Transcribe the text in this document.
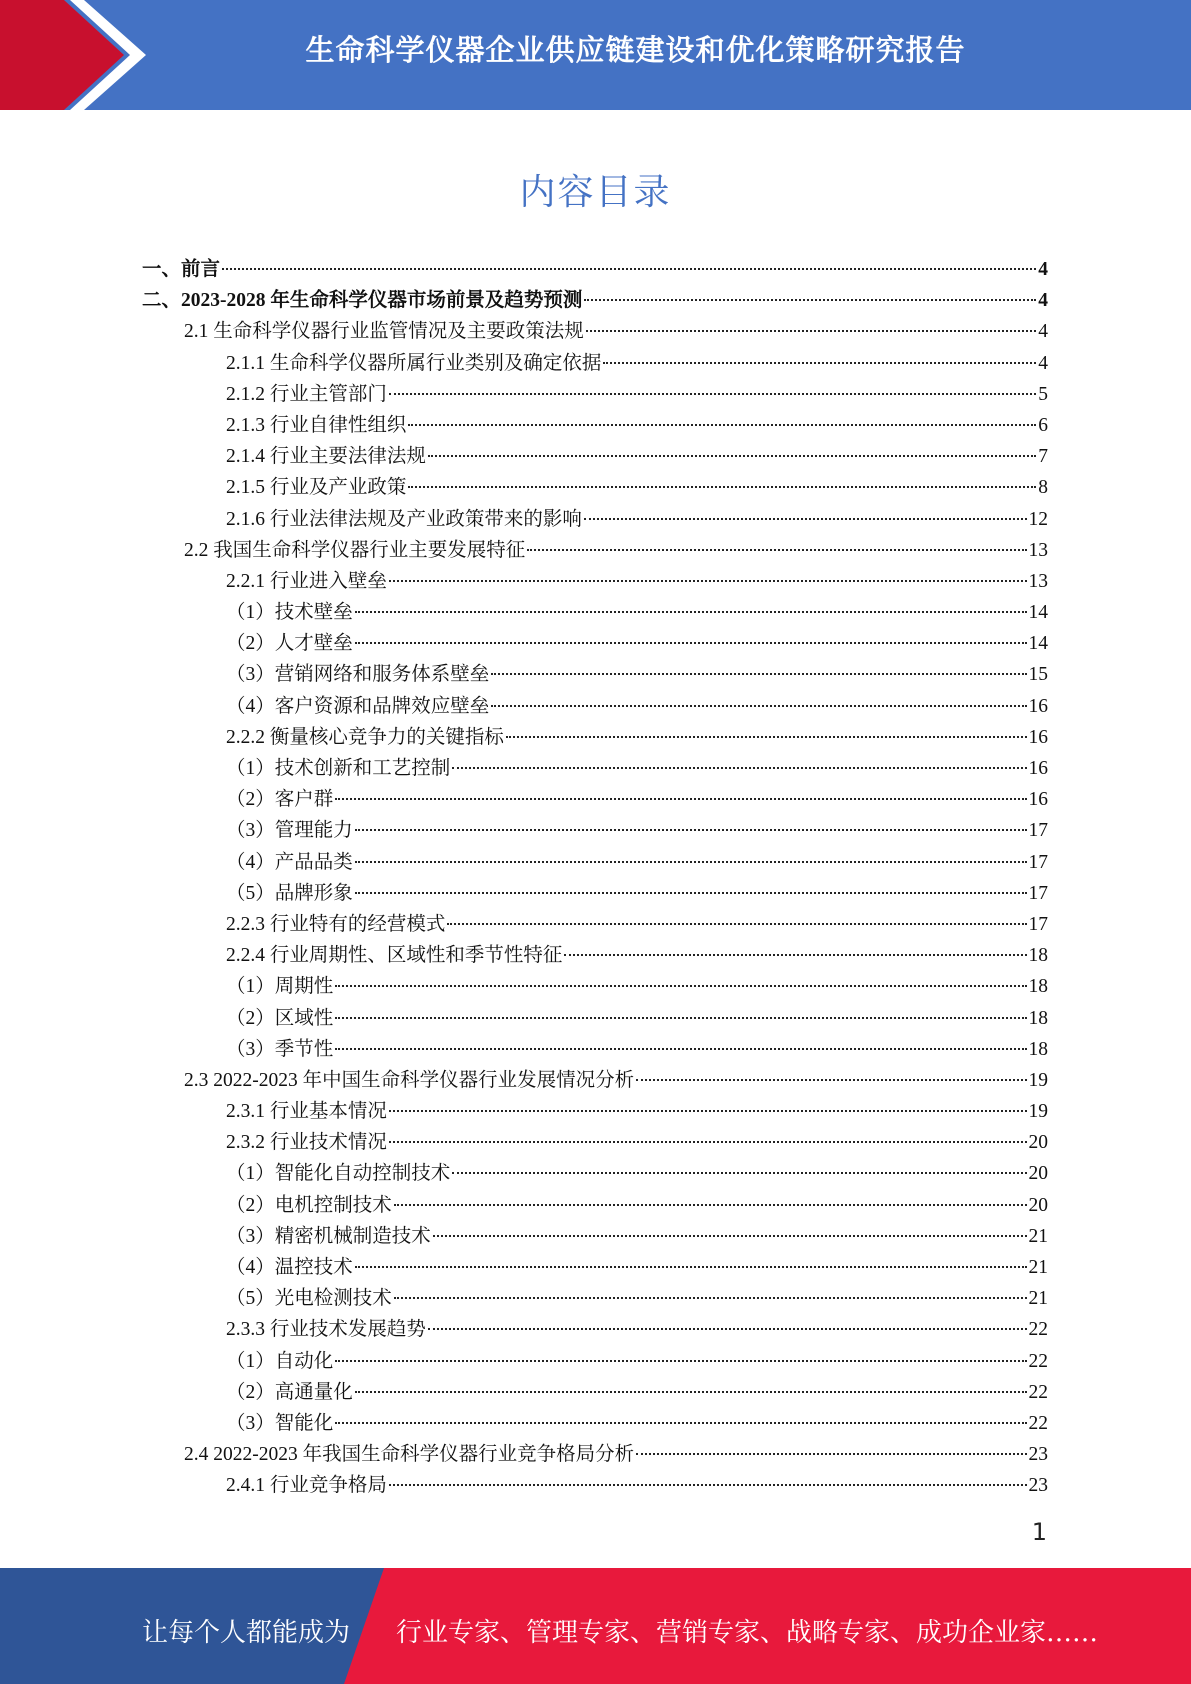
生命科学仪器企业供应链建设和优化策略研究报告
内容目录
一、前言	4
二、2023-2028 年生命科学仪器市场前景及趋势预测	4
2.1 生命科学仪器行业监管情况及主要政策法规	4
2.1.1 生命科学仪器所属行业类别及确定依据	4
2.1.2 行业主管部门	5
2.1.3 行业自律性组织	6
2.1.4 行业主要法律法规	7
2.1.5 行业及产业政策	8
2.1.6 行业法律法规及产业政策带来的影响	12
2.2 我国生命科学仪器行业主要发展特征	13
2.2.1 行业进入壁垒	13
（1）技术壁垒	14
（2）人才壁垒	14
（3）营销网络和服务体系壁垒	15
（4）客户资源和品牌效应壁垒	16
2.2.2 衡量核心竞争力的关键指标	16
（1）技术创新和工艺控制	16
（2）客户群	16
（3）管理能力	17
（4）产品品类	17
（5）品牌形象	17
2.2.3 行业特有的经营模式	17
2.2.4 行业周期性、区域性和季节性特征	18
（1）周期性	18
（2）区域性	18
（3）季节性	18
2.3 2022-2023 年中国生命科学仪器行业发展情况分析	19
2.3.1 行业基本情况	19
2.3.2 行业技术情况	20
（1）智能化自动控制技术	20
（2）电机控制技术	20
（3）精密机械制造技术	21
（4）温控技术	21
（5）光电检测技术	21
2.3.3 行业技术发展趋势	22
（1）自动化	22
（2）高通量化	22
（3）智能化	22
2.4 2022-2023 年我国生命科学仪器行业竞争格局分析	23
2.4.1 行业竞争格局	23
1
让每个人都能成为 行业专家、管理专家、营销专家、战略专家、成功企业家……
